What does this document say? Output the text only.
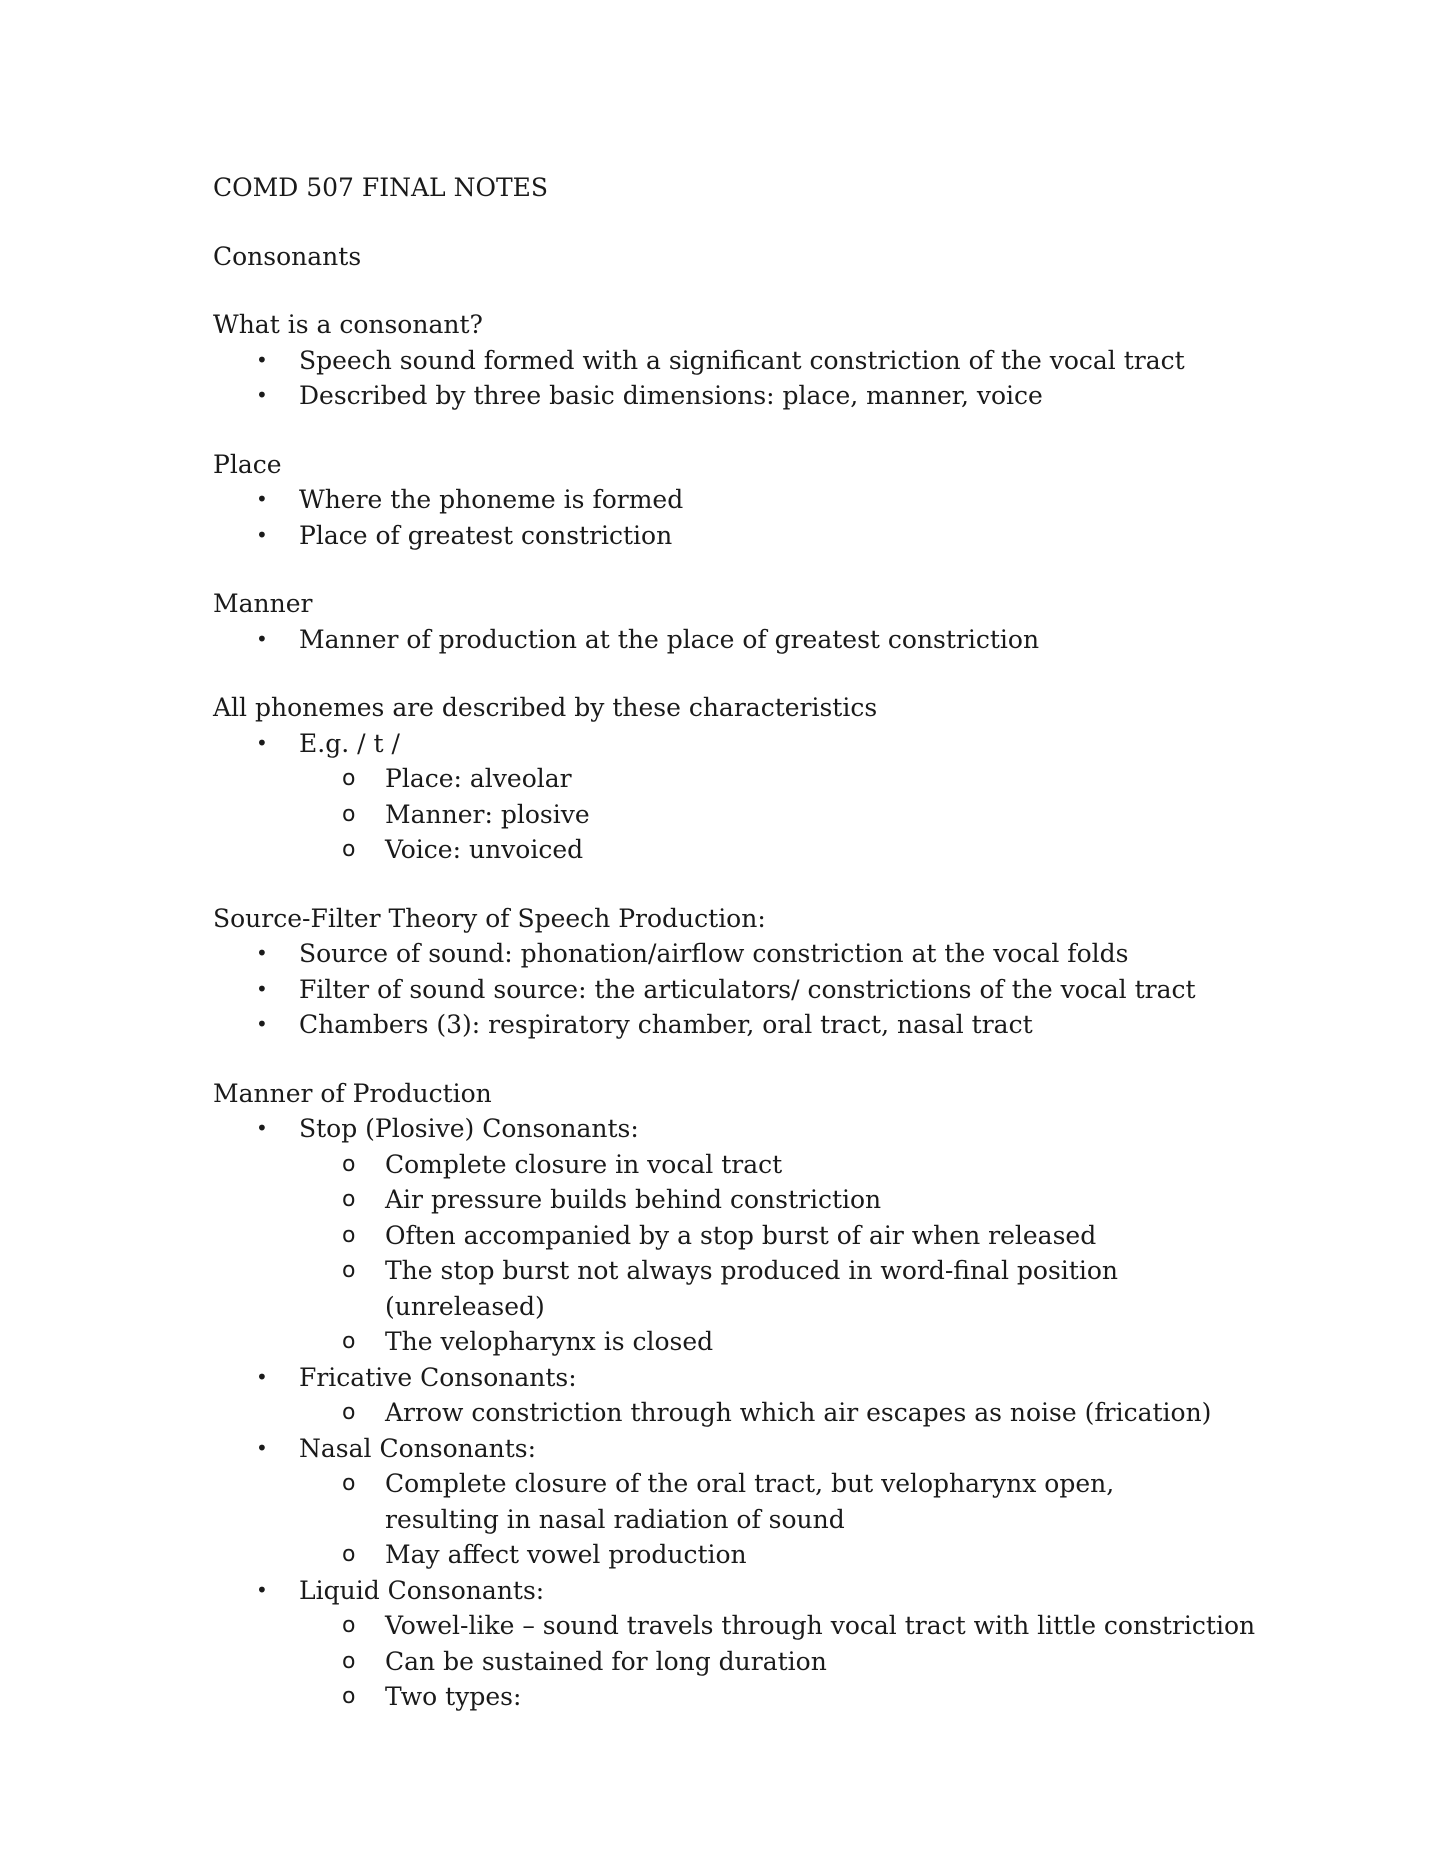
COMD 507 FINAL NOTES
Consonants
What is a consonant?
• Speech sound formed with a significant constriction of the vocal tract
• Described by three basic dimensions: place, manner, voice
Place
• Where the phoneme is formed
• Place of greatest constriction
Manner
• Manner of production at the place of greatest constriction
All phonemes are described by these characteristics
• E.g. / t /
o Place: alveolar
o Manner: plosive
o Voice: unvoiced
Source-Filter Theory of Speech Production:
• Source of sound: phonation/airflow constriction at the vocal folds
• Filter of sound source: the articulators/ constrictions of the vocal tract
• Chambers (3): respiratory chamber, oral tract, nasal tract
Manner of Production
• Stop (Plosive) Consonants:
o Complete closure in vocal tract
o Air pressure builds behind constriction
o Often accompanied by a stop burst of air when released
o The stop burst not always produced in word-final position (unreleased)
o The velopharynx is closed
• Fricative Consonants:
o Arrow constriction through which air escapes as noise (frication)
• Nasal Consonants:
o Complete closure of the oral tract, but velopharynx open, resulting in nasal radiation of sound
o May affect vowel production
• Liquid Consonants:
o Vowel-like – sound travels through vocal tract with little constriction
o Can be sustained for long duration
o Two types:
